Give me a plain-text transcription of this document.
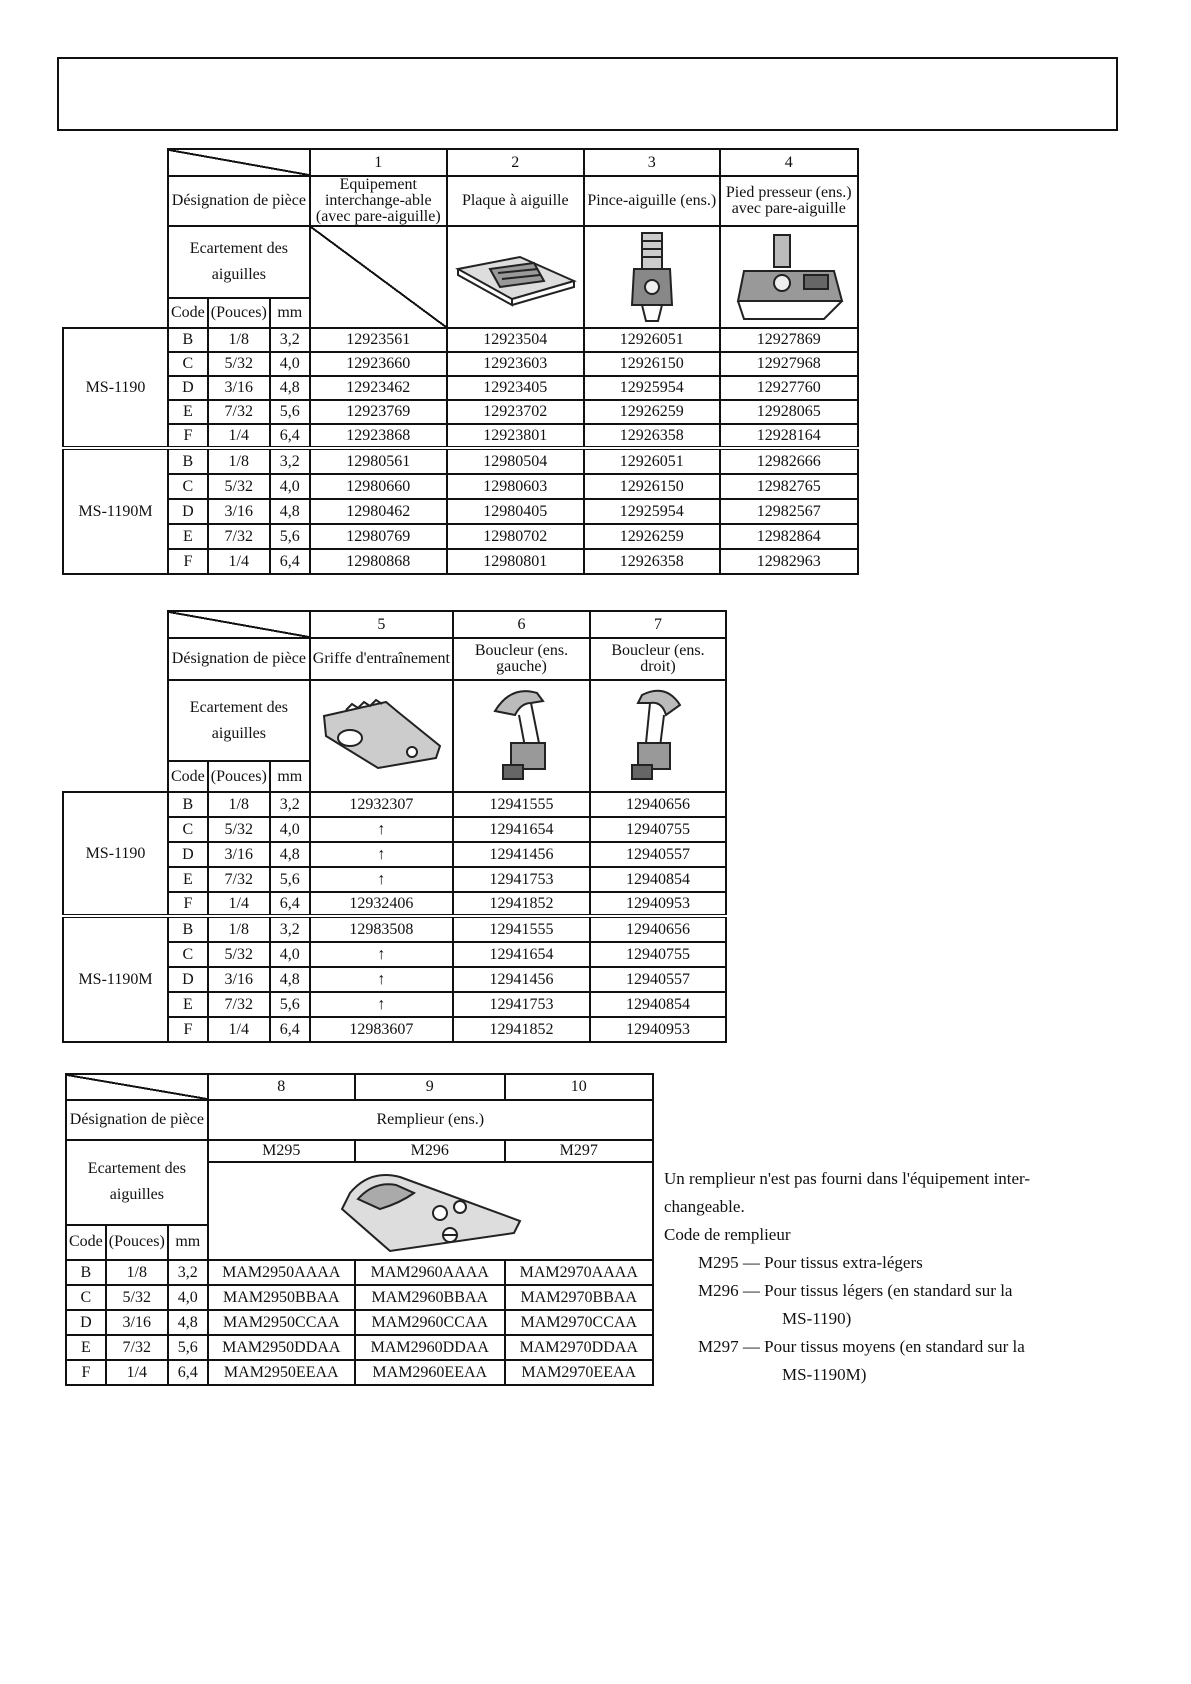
				1	2	3	4
	Désignation de pièce			Equipement interchange-able (avec pare-aiguille)	Plaque à aiguille	Pince-aiguille (ens.)	Pied presseur (ens.) avec pare-aiguille
	Ecartement des aiguilles		

	Code	(Pouces)	mm				
MS-1190	B	1/8	3,2	12923561	12923504	12926051	12927869
	C	5/32	4,0	12923660	12923603	12926150	12927968
	D	3/16	4,8	12923462	12923405	12925954	12927760
	E	7/32	5,6	12923769	12923702	12926259	12928065
	F	1/4	6,4	12923868	12923801	12926358	12928164
MS-1190M	B	1/8	3,2	12980561	12980504	12926051	12982666
	C	5/32	4,0	12980660	12980603	12926150	12982765
	D	3/16	4,8	12980462	12980405	12925954	12982567
	E	7/32	5,6	12980769	12980702	12926259	12982864
	F	1/4	6,4	12980868	12980801	12926358	12982963
				5	6	7
	Désignation de pièce			Griffe d'entraînement	Boucleur (ens. gauche)	Boucleur (ens. droit)
	Ecartement des aiguilles	

	Code	(Pouces)	mm			
MS-1190	B	1/8	3,2	12932307	12941555	12940656
	C	5/32	4,0	↑	12941654	12940755
	D	3/16	4,8	↑	12941456	12940557
	E	7/32	5,6	↑	12941753	12940854
	F	1/4	6,4	12932406	12941852	12940953
MS-1190M	B	1/8	3,2	12983508	12941555	12940656
	C	5/32	4,0	↑	12941654	12940755
	D	3/16	4,8	↑	12941456	12940557
	E	7/32	5,6	↑	12941753	12940854
	F	1/4	6,4	12983607	12941852	12940953
			8	9	10
Désignation de pièce			Remplieur (ens.)		
Ecartement des aiguilles			M295	M296	M297

Code	(Pouces)	mm			
B	1/8	3,2	MAM2950AAAA	MAM2960AAAA	MAM2970AAAA
C	5/32	4,0	MAM2950BBAA	MAM2960BBAA	MAM2970BBAA
D	3/16	4,8	MAM2950CCAA	MAM2960CCAA	MAM2970CCAA
E	7/32	5,6	MAM2950DDAA	MAM2960DDAA	MAM2970DDAA
F	1/4	6,4	MAM2950EEAA	MAM2960EEAA	MAM2970EEAA

Un remplieur n'est pas fourni dans l'équipement inter-

changeable.

Code de remplieur

M295 — Pour tissus extra-légers

M296 — Pour tissus légers (en standard sur la

MS-1190)

M297 — Pour tissus moyens (en standard sur la

MS-1190M)
